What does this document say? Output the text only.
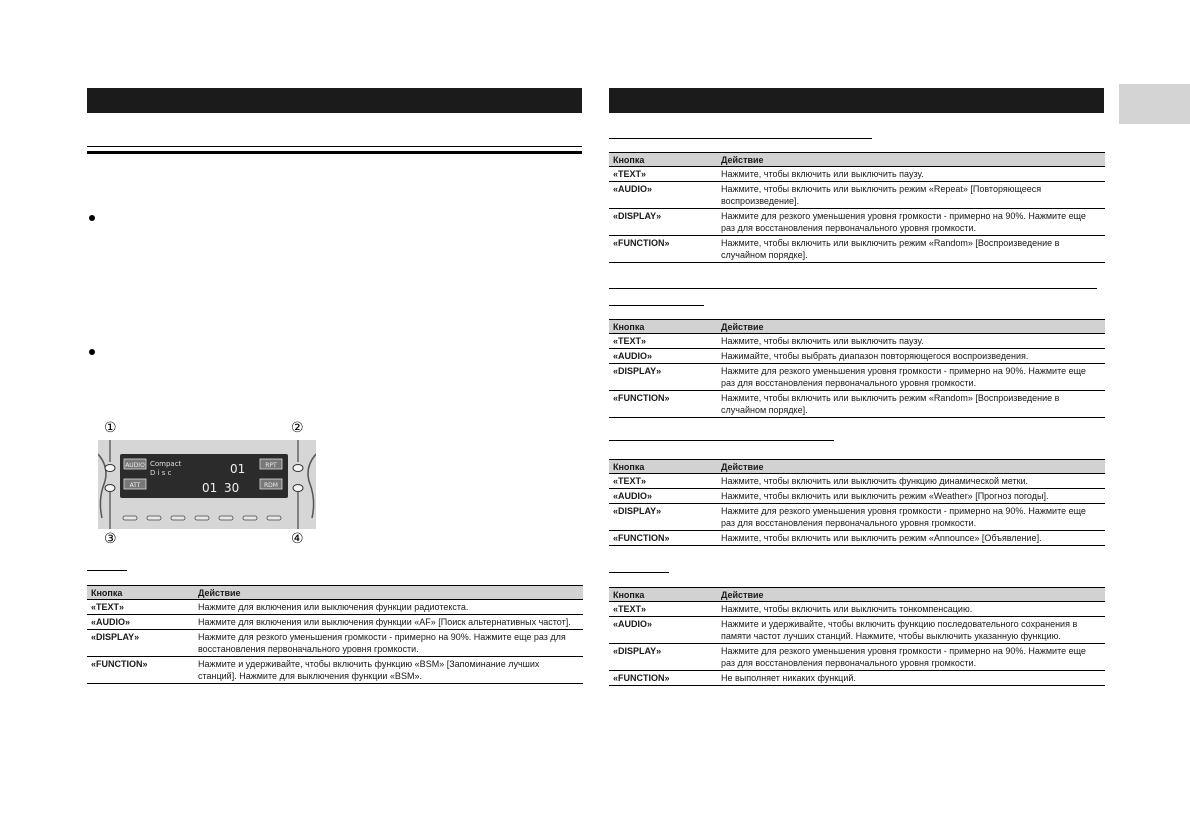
①	②
③	④
AUDIO
ATT
RPT
RDM
Compact
D i s c	01
01 30
Кнопка	Действие
«TEXT»	Нажмите для включения или выключения функции радиотекста.
«AUDIO»	Нажмите для включения или выключения функции «AF» [Поиск альтернативных частот].
«DISPLAY»	Нажмите для резкого уменьшения громкости - примерно на 90%. Нажмите еще раз для восстановления первоначального уровня громкости.
«FUNCTION»	Нажмите и удерживайте, чтобы включить функцию «BSM» [Запоминание лучших станций]. Нажмите для выключения функции «BSM».
Кнопка	Действие
«TEXT»	Нажмите, чтобы включить или выключить паузу.
«AUDIO»	Нажмите, чтобы включить или выключить режим «Repeat» [Повторяющееся воспроизведение].
«DISPLAY»	Нажмите для резкого уменьшения уровня громкости - примерно на 90%. Нажмите еще раз для восстановления первоначального уровня громкости.
«FUNCTION»	Нажмите, чтобы включить или выключить режим «Random» [Воспроизведение в случайном порядке].
Кнопка	Действие
«TEXT»	Нажмите, чтобы включить или выключить паузу.
«AUDIO»	Нажимайте, чтобы выбрать диапазон повторяющегося воспроизведения.
«DISPLAY»	Нажмите для резкого уменьшения уровня громкости - примерно на 90%. Нажмите еще раз для восстановления первоначального уровня громкости.
«FUNCTION»	Нажмите, чтобы включить или выключить режим «Random» [Воспроизведение в случайном порядке].
Кнопка	Действие
«TEXT»	Нажмите, чтобы включить или выключить функцию динамической метки.
«AUDIO»	Нажмите, чтобы включить или выключить режим «Weather» [Прогноз погоды].
«DISPLAY»	Нажмите для резкого уменьшения уровня громкости - примерно на 90%. Нажмите еще раз для восстановления первоначального уровня громкости.
«FUNCTION»	Нажмите, чтобы включить или выключить режим «Announce» [Объявление].
Кнопка	Действие
«TEXT»	Нажмите, чтобы включить или выключить тонкомпенсацию.
«AUDIO»	Нажмите и удерживайте, чтобы включить функцию последовательного сохранения в памяти частот лучших станций. Нажмите, чтобы выключить указанную функцию.
«DISPLAY»	Нажмите для резкого уменьшения уровня громкости - примерно на 90%. Нажмите еще раз для восстановления первоначального уровня громкости.
«FUNCTION»	Не выполняет никаких функций.
